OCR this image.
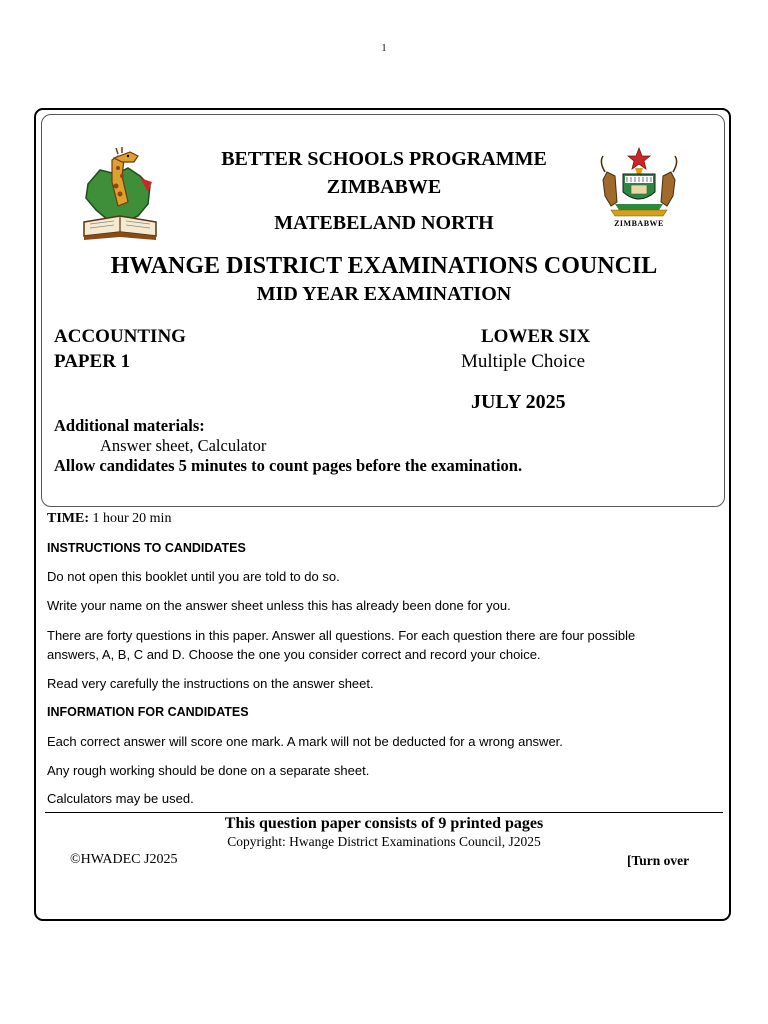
1
ZIMBABWE
BETTER SCHOOLS PROGRAMME
ZIMBABWE
MATEBELAND NORTH
HWANGE DISTRICT EXAMINATIONS COUNCIL
MID YEAR EXAMINATION
ACCOUNTING
PAPER 1
LOWER SIX
Multiple Choice
JULY 2025
Additional materials:
Answer sheet, Calculator
Allow candidates 5 minutes to count pages before the examination.
TIME: 1 hour 20 min
INSTRUCTIONS TO CANDIDATES
Do not open this booklet until you are told to do so.
Write your name on the answer sheet unless this has already been done for you.
There are forty questions in this paper. Answer all questions. For each question there are four possible
answers, A, B, C and D. Choose the one you consider correct and record your choice.
Read very carefully the instructions on the answer sheet.
INFORMATION FOR CANDIDATES
Each correct answer will score one mark. A mark will not be deducted for a wrong answer.
Any rough working should be done on a separate sheet.
Calculators may be used.
This question paper consists of 9 printed pages
Copyright: Hwange District Examinations Council, J2025
©HWADEC J2025	[Turn over
